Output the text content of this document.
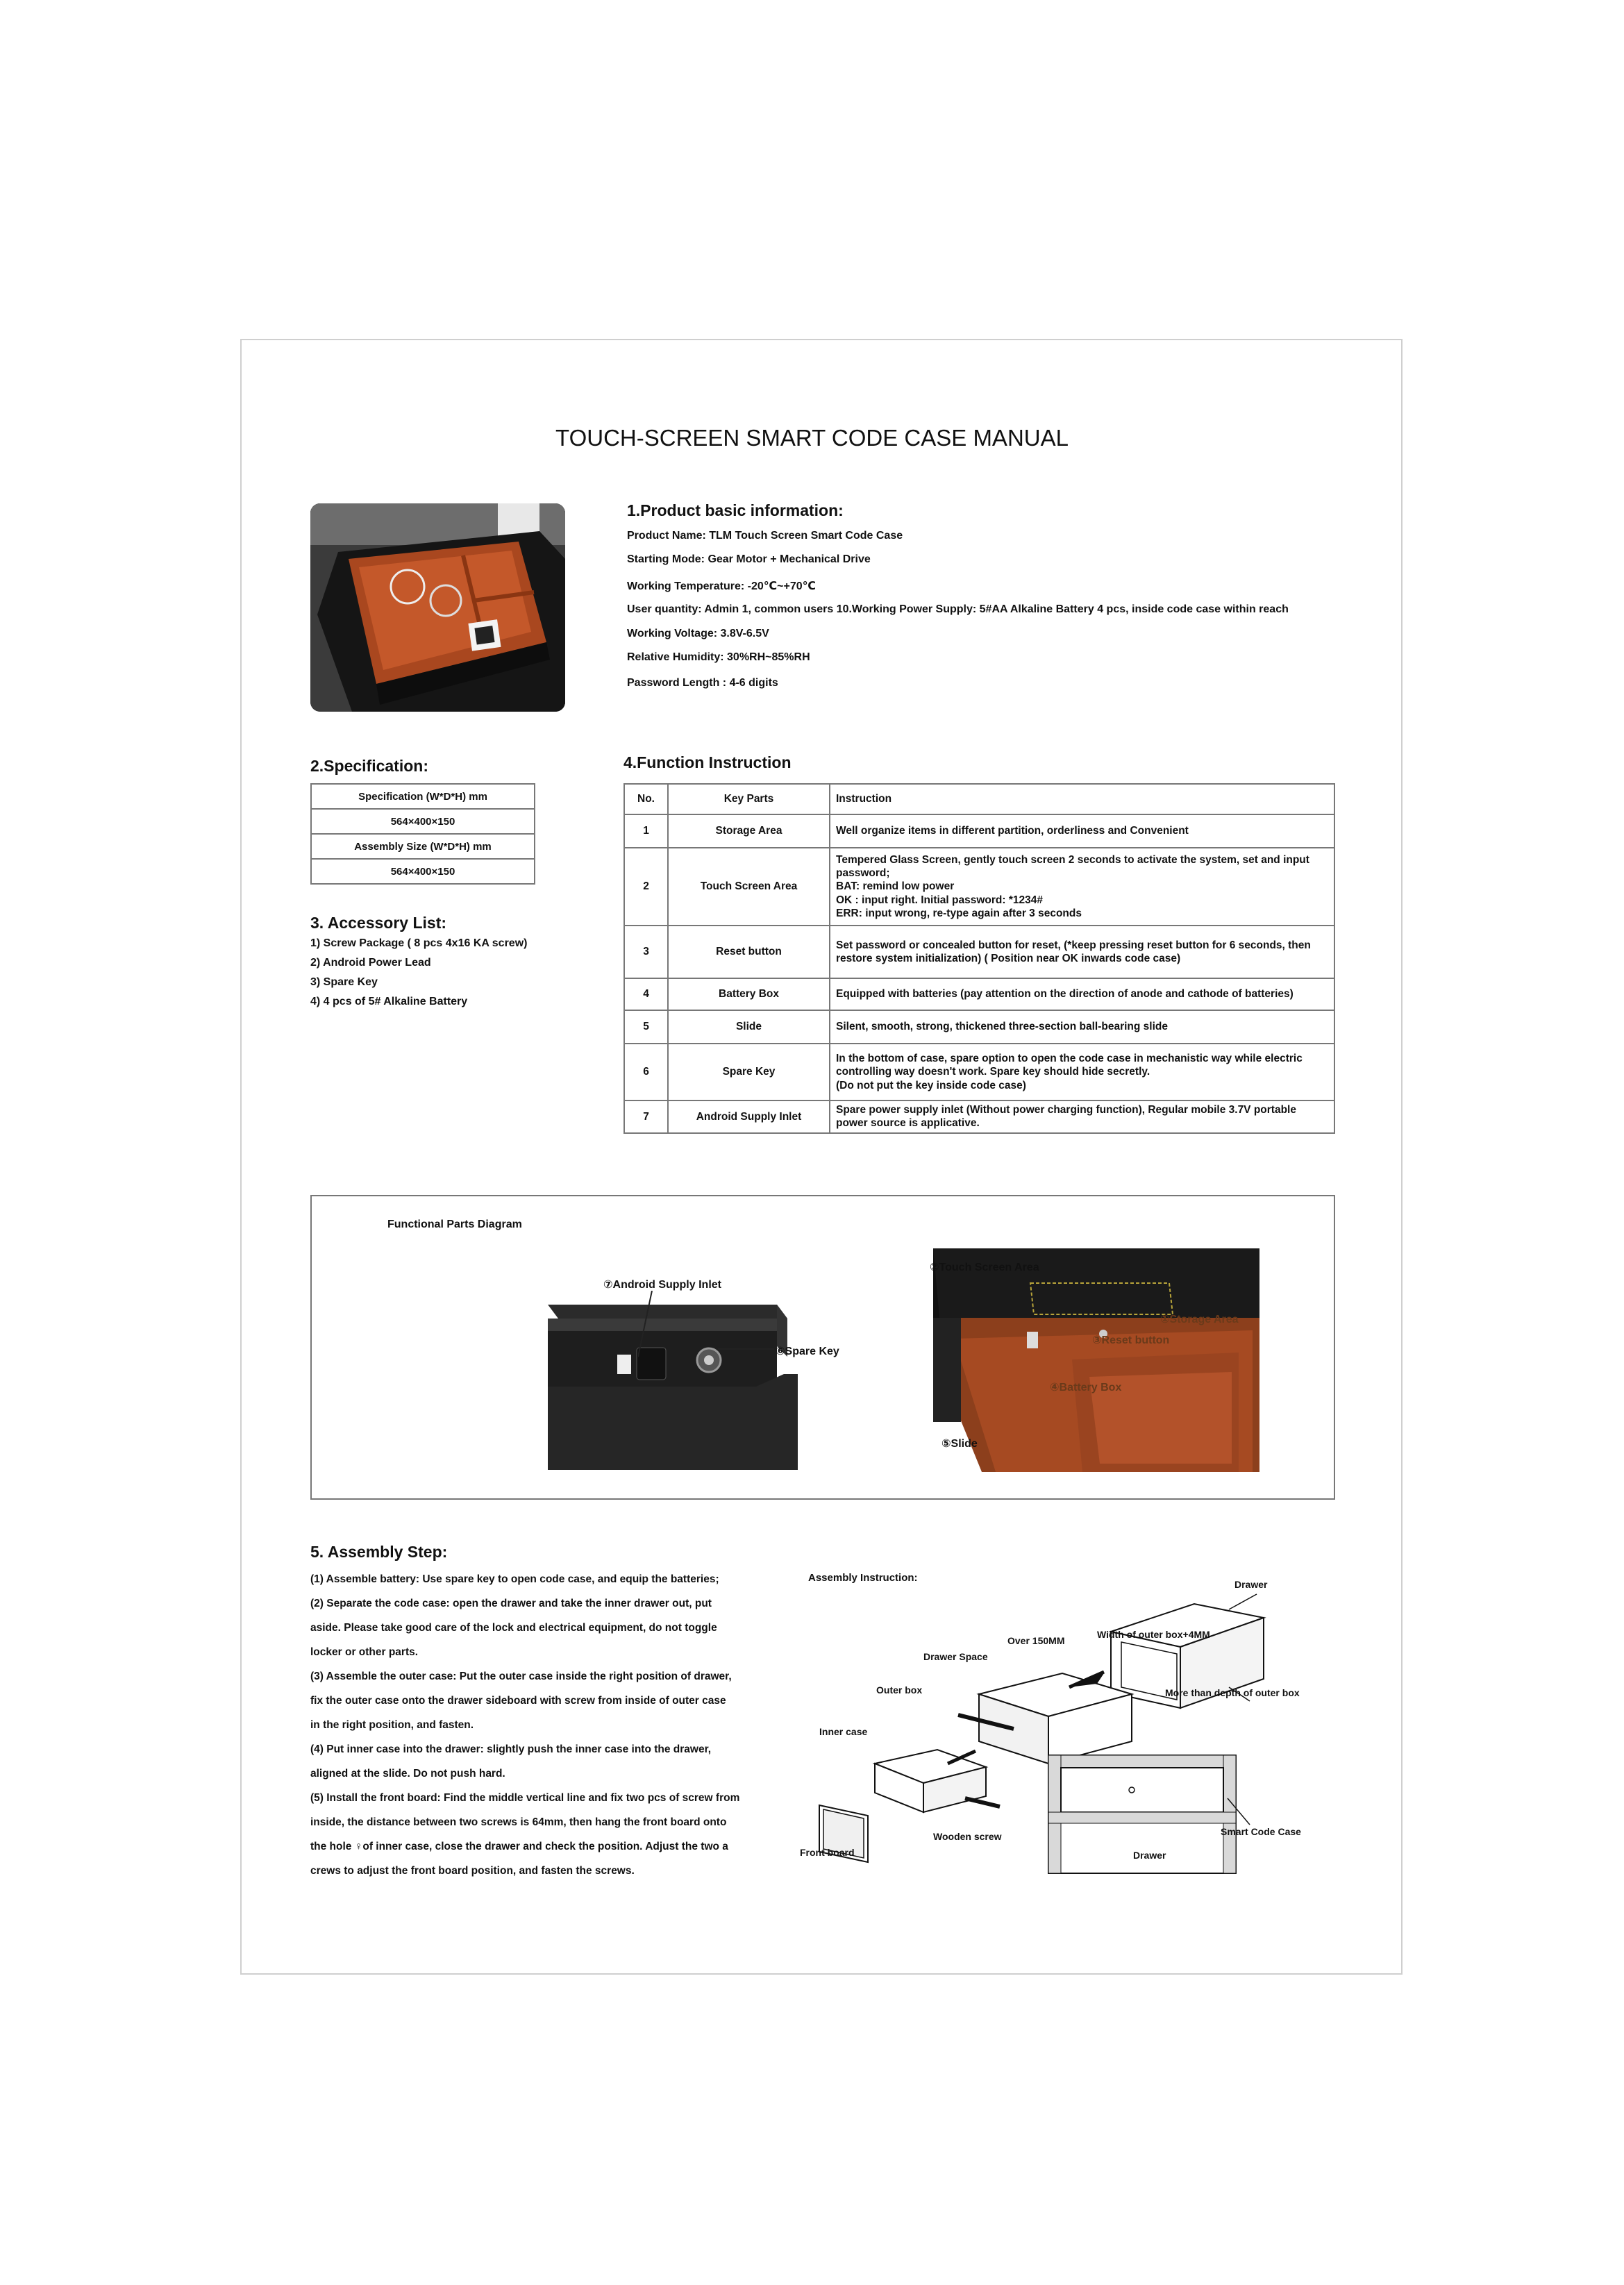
TOUCH-SCREEN SMART CODE CASE MANUAL
1.Product basic information:
Product Name: TLM Touch Screen Smart Code Case
Starting Mode: Gear Motor + Mechanical Drive
Working Temperature: -20℃~+70℃
User quantity: Admin 1, common users 10.Working Power Supply: 5#AA Alkaline Battery 4 pcs, inside code case within reach
Working Voltage: 3.8V-6.5V
Relative Humidity: 30%RH~85%RH
Password Length : 4-6 digits
2.Specification:
Specification (W*D*H) mm
564×400×150
Assembly Size (W*D*H) mm
564×400×150
3. Accessory List:
1) Screw Package ( 8 pcs 4x16 KA screw)
2) Android Power Lead
3) Spare Key
4) 4 pcs of 5# Alkaline Battery
4.Function Instruction
No.	Key Parts	Instruction
1	Storage Area	Well organize items in different partition, orderliness and Convenient

2	Touch Screen Area	Tempered Glass Screen, gently touch screen 2 seconds to activate the system, set and input
password;
BAT: remind low power
OK : input right. Initial password: *1234#
ERR: input wrong, re-type again after 3 seconds

3	Reset button	Set password or concealed button for reset, (*keep pressing reset button for 6 seconds, then
restore system initialization) ( Position near OK inwards code case)

4	Battery Box	Equipped with batteries (pay attention on the direction of anode and cathode of batteries)

5	Slide	Silent, smooth, strong, thickened three-section ball-bearing slide

6	Spare Key	In the bottom of case, spare option to open the code case in mechanistic way while electric
controlling way doesn't work. Spare key should hide secretly.
(Do not put the key inside code case)

7	Android Supply Inlet	Spare power supply inlet (Without power charging function), Regular mobile 3.7V portable
power source is applicative.
Functional Parts Diagram
⑦Android Supply Inlet
⑥Spare Key
②Touch Screen Area
①Storage Area
③Reset button
④Battery Box
⑤Slide
5. Assembly Step:
(1) Assemble battery: Use spare key to open code case, and equip the batteries;
(2) Separate the code case: open the drawer and take the inner drawer out, put
aside. Please take good care of the lock and electrical equipment, do not toggle
locker or other parts.
(3) Assemble the outer case: Put the outer case inside the right position of drawer,
fix the outer case onto the drawer sideboard with screw from inside of outer case
in the right position, and fasten.
(4) Put inner case into the drawer: slightly push the inner case into the drawer,
aligned at the slide. Do not push hard.
(5) Install the front board: Find the middle vertical line and fix two pcs of screw from
inside, the distance between two screws is 64mm, then hang the front board onto
the hole ♀of inner case, close the drawer and check the position. Adjust the two a
crews to adjust the front board position, and fasten the screws.
Assembly Instruction:
Drawer
Over 150MM
Width of outer box+4MM
Drawer Space
Outer box	More than depth of outer box
Inner case
Wooden screw
Front board
Smart Code Case
Drawer
